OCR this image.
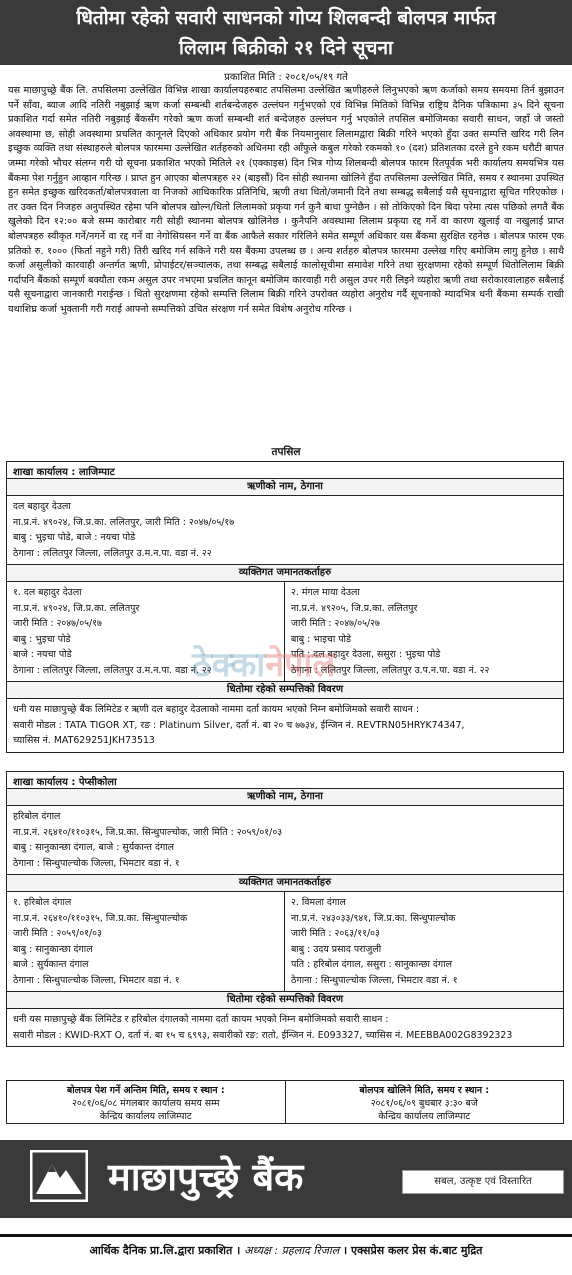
धितोमा रहेको सवारी साधनको गोप्य शिलबन्दी बोलपत्र मार्फत
लिलाम बिक्रीको २१ दिने सूचना
प्रकाशित मिति : २०८१/०५/१९ गते
यस माछापुच्छ्रे बैंक लि. तपसिलमा उल्लेखित विभिन्न शाखा कार्यालयहरुबाट तपसिलमा उल्लेखित ऋणीहरुले लिनुभएको ऋण कर्जाको समय समयमा तिर्न बुझाउन पर्ने साँवा, ब्याज आदि नतिरी नबुझाई ऋण कर्जा सम्बन्धी शर्तबन्देजहरु उल्लंघन गर्नुभएको एवं विभिन्न मितिको विभिन्न राष्ट्रिय दैनिक पत्रिकामा ३५ दिने सूचना प्रकाशित गर्दा समेत नतिरी नबुझाई बैंकसँग गरेको ऋण कर्जा सम्बन्धी शर्त बन्देजहरु उल्लंघन गर्नु भएकोले तपसिल बमोजिमका सवारी साधन, जहाँ जे जस्तो अवस्थामा छ, सोही अवस्थामा प्रचलित कानूनले दिएको अधिकार प्रयोग गरी बैंक नियमानुसार लिलामद्वारा बिक्री गरिने भएको हुँदा उक्त सम्पत्ति खरिद गरी लिन इच्छुक व्यक्ति तथा संस्थाहरुले बोलपत्र फारममा उल्लेखित शर्तहरुको अधिनमा रही आँफुले कबुल गरेको रकमको १० (दश) प्रतिशतका दरले हुने रकम धरौटी बापत जम्मा गरेको भौचर संलग्न गरी यो सूचना प्रकाशित भएको मितिले २१ (एक्काइस) दिन भित्र गोप्य शिलबन्दी बोलपत्र फारम रितपूर्वक भरी कार्यालय समयभित्र यस बैंकमा पेश गर्नुहुन आव्हान गरिन्छ । प्राप्त हुन आएका बोलपत्रहरु २२ (बाइसौं) दिन सोही स्थानमा खोलिने हुँदा तपसिलमा उल्लेखित मिति, समय र स्थानमा उपस्थित हुन समेत इच्छुक खरिदकर्ता/बोलपत्रवाला वा निजको आधिकारिक प्रतिनिधि, ऋणी तथा धितो/जमानी दिने तथा सम्बद्ध सबैलाई यसै सूचनाद्वारा सूचित गरिएकोछ । तर उक्त दिन निजहरु अनुपस्थित रहेमा पनि बोलपत्र खोल्न/धितो लिलामको प्रकृया गर्न कुनै बाधा पुग्नेछैन । सो तोकिएको दिन बिदा परेमा त्यस पछिको लगतै बैंक खुलेको दिन १२:०० बजे सम्म कारोबार गरी सोही स्थानमा बोलपत्र खोलिनेछ । कुनैपनि अवस्थामा लिलाम प्रकृया रद्द गर्ने वा कारण खुलाई वा नखुलाई प्राप्त बोलपत्रहरु स्वीकृत गर्ने/नगर्ने वा रद्द गर्ने वा नेगोसियसन गर्ने वा बैंक आफैले सकार गरिलिने समेत सम्पूर्ण अधिकार यस बैंकमा सुरक्षित रहनेछ । बोलपत्र फारम एक प्रतिको रु. १००० (फिर्ता नहुने गरी) तिरी खरिद गर्न सकिने गरी यस बैंकमा उपलब्ध छ । अन्य शर्तहरु बोलपत्र फारममा उल्लेख गरिए बमोजिम लागु हुनेछ । साथै कर्जा असुलीको कारवाही अन्तर्गत ऋणी, प्रोपाईटर/सञ्चालक, तथा सम्बद्ध सबैलाई कालोसूचीमा समावेश गरिने तथा सुरक्षणमा रहेको सम्पूर्ण धितोलिलाम बिक्री गर्दापनि बैंकको सम्पूर्ण बक्यौता रकम असुल उपर नभएमा प्रचलित कानून बमोजिम कारवाही गरी असुल उपर गरी लिइने व्यहोरा ऋणी तथा सरोकारवालाहरु सबैलाई यसै सूचनाद्वारा जानकारी गराईन्छ । धितो सुरक्षणमा रहेको सम्पत्ति लिलाम बिक्री गरिने उपरोक्त व्यहोरा अनुरोध गर्दै सूचनाको म्यादभित्र धनी बैंकमा सम्पर्क राखी यथाशिघ्र कर्जा भुक्तानी गरी गराई आफ्नो सम्पत्तिको उचित संरक्षण गर्न समेत विशेष अनुरोध गरिन्छ ।
तपसिल
शाखा कार्यालय : लाजिम्पाट
ऋणीको नाम, ठेगाना
दल बहादुर देउला
ना.प्र.नं. ४९०२४, जि.प्र.का. ललितपुर, जारी मिति : २०४७/०५/१७
बाबु : भुइचा पोडे, बाजे : नयचा पोडे
ठेगाना : ललितपुर जिल्ला, ललितपुर उ.म.न.पा. वडा नं. २२
व्यक्तिगत जमानतकर्ताहरु
१. दल बहादुर देउला
ना.प्र.नं. ४९०२४, जि.प्र.का. ललितपुर
जारी मिति : २०४७/०५/१७
बाबु : भुइचा पोडे
बाजे : नयचा पोडे
ठेगाना : ललितपुर जिल्ला, ललितपुर उ.म.न.पा. वडा नं. २२
२. मंगल माया देउला
ना.प्र.नं. ४९२०५, जि.प्र.का. ललितपुर
जारी मिति : २०४७/०५/२७
बाबु : भाइचा पोडे
पति : दल बहादुर देउला, ससुरा : भुइचा पोडे
ठेगाना : ललितपुर जिल्ला, ललितपुर उ.प.न.पा. वडा नं. २२
धितोमा रहेको सम्पत्तिको विवरण
धनी यस माछापुच्छ्रे बैंक लिमिटेड र ऋणी दल बहादुर देउलाको नाममा दर्ता कायम भएको निम्न बमोजिमको सवारी साधन :
सवारी मोडल : TATA TIGOR XT, रङ : Platinum Silver, दर्ता नं. बा २० च ७७३४, ईन्जिन नं. REVTRN05HRYK74347,
च्यासिस नं. MAT629251JKH73513
शाखा कार्यालय : पेप्सीकोला
ऋणीको नाम, ठेगाना
हरिबोल दंगाल
ना.प्र.नं. २६४१०/११०३१५, जि.प्र.का. सिन्धुपाल्चोक, जारी मिति : २०५९/०१/०३
बाबु : सानुकान्छा दंगाल, बाजे : सुर्यकान्त दंगाल
ठेगाना : सिन्धुपाल्चोक जिल्ला, भिमटार वडा नं. १
व्यक्तिगत जमानतकर्ताहरु
१. हरिबोल दंगाल
ना.प्र.नं. २६४१०/११०३१५, जि.प्र.का. सिन्धुपाल्चोक
जारी मिति : २०५९/०१/०३
बाबु : सानुकान्छा दंगाल
बाजे : सुर्यकान्त दंगाल
ठेगाना : सिन्धुपाल्चोक जिल्ला, भिमटार वडा नं. १
२. विमला दंगाल
ना.प्र.नं. २४३०३३/९४१, जि.प्र.का. सिन्धुपाल्चोक
जारी मिति : २०६३/११/०३
बाबु : उदय प्रसाद पराजुली
पति : हरिबोल दंगाल, ससुरा : सानुकान्छा दंगाल
ठेगाना : सिन्धुपाल्चोक जिल्ला, भिमटार वडा नं. १
धितोमा रहेको सम्पत्तिको विवरण
धनी यस माछापुच्छ्रे बैंक लिमिटेड र हरिबोल दंगालको नाममा दर्ता कायम भएको निम्न बमोजिमको सवारी साधन :
सवारी मोडल : KWID-RXT O, दर्ता नं. बा १५ च ६९९३, सवारीको रङ: रातो, ईन्जिन नं. E093327, च्यासिस नं. MEEBBA002G8392323
बोलपत्र पेश गर्ने अन्तिम मिति, समय र स्थान :
२०८१/०६/०८ मंगलबार कार्यालय समय सम्म
केन्द्रिय कार्यालय लाजिम्पाट
बोलपत्र खोलिने मिति, समय र स्थान :
२०८१/०६/०९ बुधबार ३:३० बजे
केन्द्रिय कार्यालय लाजिम्पाट
माछापुच्छ्रे बैंक	सबल, उत्कृष्ट एवं विस्तारित
आर्थिक दैनिक प्रा.लि.द्वारा प्रकाशित । अध्यक्ष : प्रहलाद रिजाल । एक्सप्रेस कलर प्रेस कं.बाट मुद्रित
ठेक्कानेपाल
